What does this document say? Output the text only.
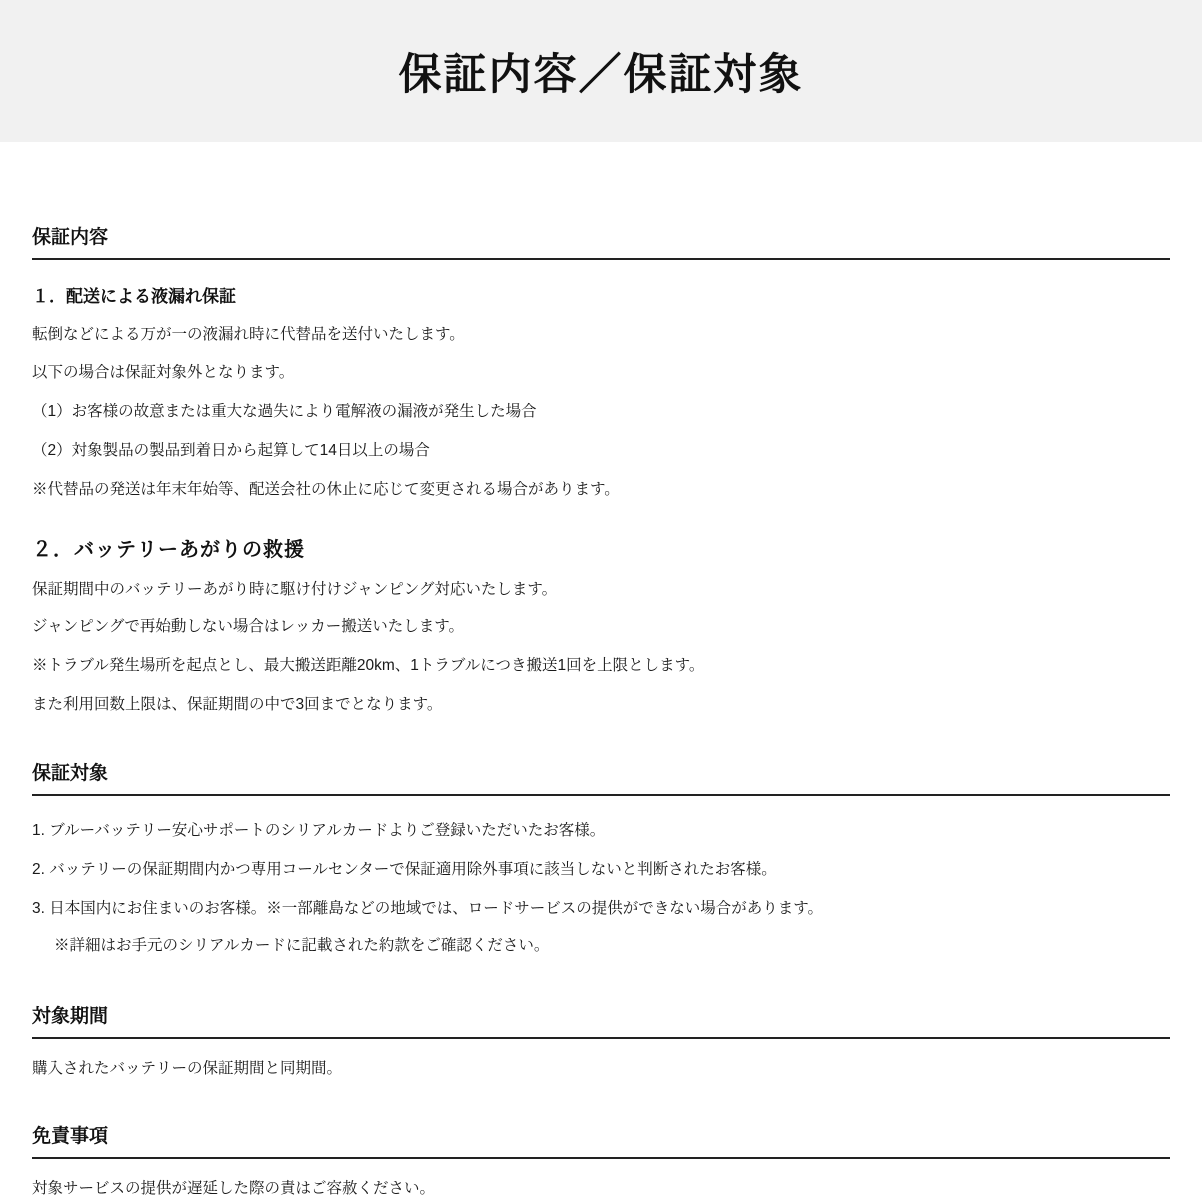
保証内容／保証対象
保証内容
１．配送による液漏れ保証
転倒などによる万が一の液漏れ時に代替品を送付いたします。
以下の場合は保証対象外となります。
（1）お客様の故意または重大な過失により電解液の漏液が発生した場合
（2）対象製品の製品到着日から起算して14日以上の場合
※代替品の発送は年末年始等、配送会社の休止に応じて変更される場合があります。
２．バッテリーあがりの救援
保証期間中のバッテリーあがり時に駆け付けジャンピング対応いたします。
ジャンピングで再始動しない場合はレッカー搬送いたします。
※トラブル発生場所を起点とし、最大搬送距離20km、1トラブルにつき搬送1回を上限とします。
また利用回数上限は、保証期間の中で3回までとなります。
保証対象
1. ブルーバッテリー安心サポートのシリアルカードよりご登録いただいたお客様。
2. バッテリーの保証期間内かつ専用コールセンターで保証適用除外事項に該当しないと判断されたお客様。
3. 日本国内にお住まいのお客様。※一部離島などの地域では、ロードサービスの提供ができない場合があります。
※詳細はお手元のシリアルカードに記載された約款をご確認ください。
対象期間
購入されたバッテリーの保証期間と同期間。
免責事項
対象サービスの提供が遅延した際の責はご容赦ください。
